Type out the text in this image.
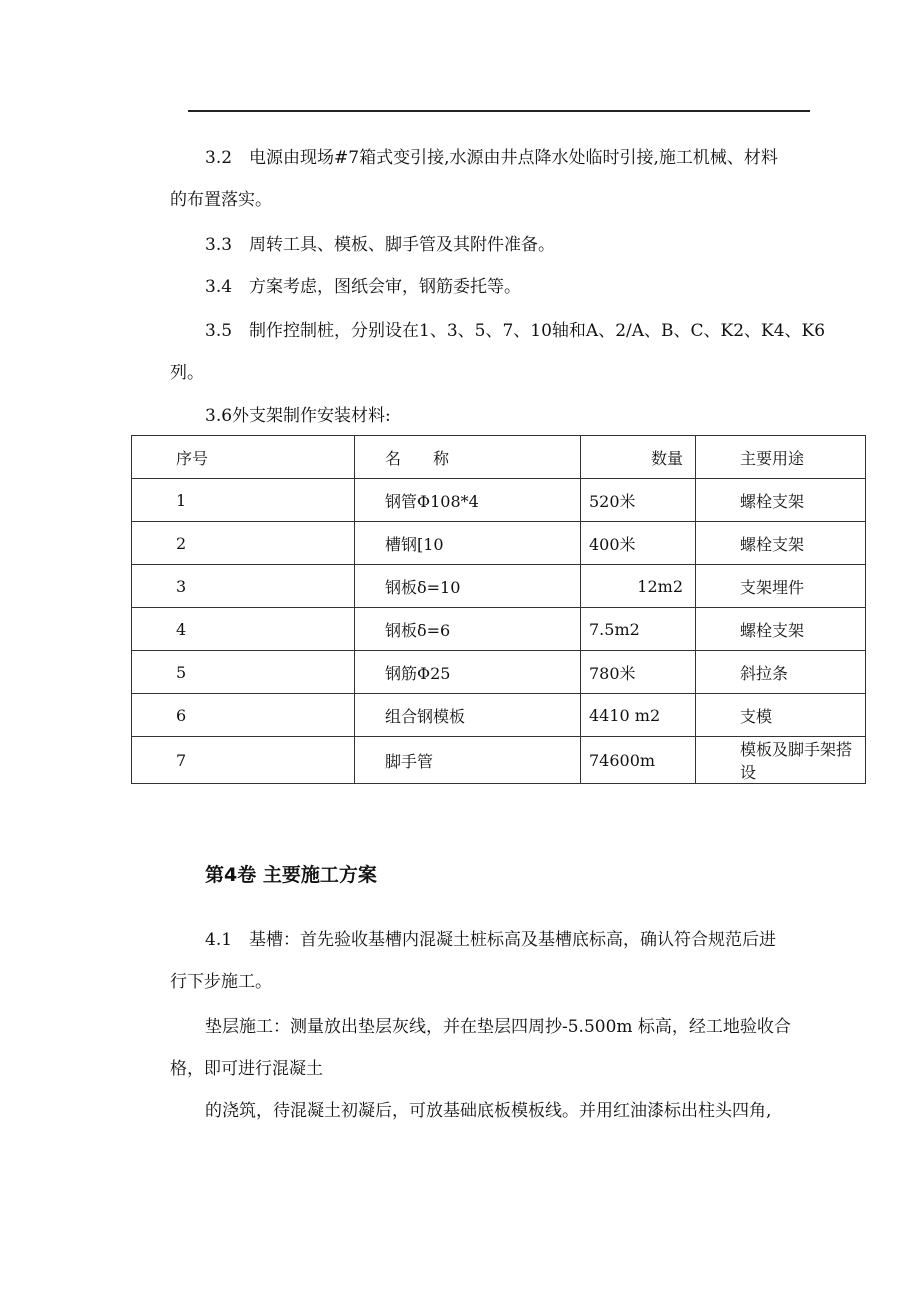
3.2　电源由现场#7箱式变引接,水源由井点降水处临时引接,施工机械、材料
的布置落实。
3.3　周转工具、模板、脚手管及其附件准备。
3.4　方案考虑，图纸会审，钢筋委托等。
3.5　制作控制桩，分别设在1、3、5、7、10轴和A、2/A、B、C、K2、K4、K6
列。
3.6外支架制作安装材料:
序号	名　　称	数量	主要用途
1	钢管Φ108*4	520米	螺栓支架
2	槽钢[10	400米	螺栓支架
3	钢板δ=10	12m2	支架埋件
4	钢板δ=6	7.5m2	螺栓支架
5	钢筋Φ25	780米	斜拉条
6	组合钢模板	4410 m2	支模
7	脚手管	74600m	模板及脚手架搭设
第4卷 主要施工方案
4.1　基槽：首先验收基槽内混凝土桩标高及基槽底标高，确认符合规范后进
行下步施工。
垫层施工：测量放出垫层灰线，并在垫层四周抄-5.500m 标高，经工地验收合
格，即可进行混凝土
的浇筑，待混凝土初凝后，可放基础底板模板线。并用红油漆标出柱头四角,
